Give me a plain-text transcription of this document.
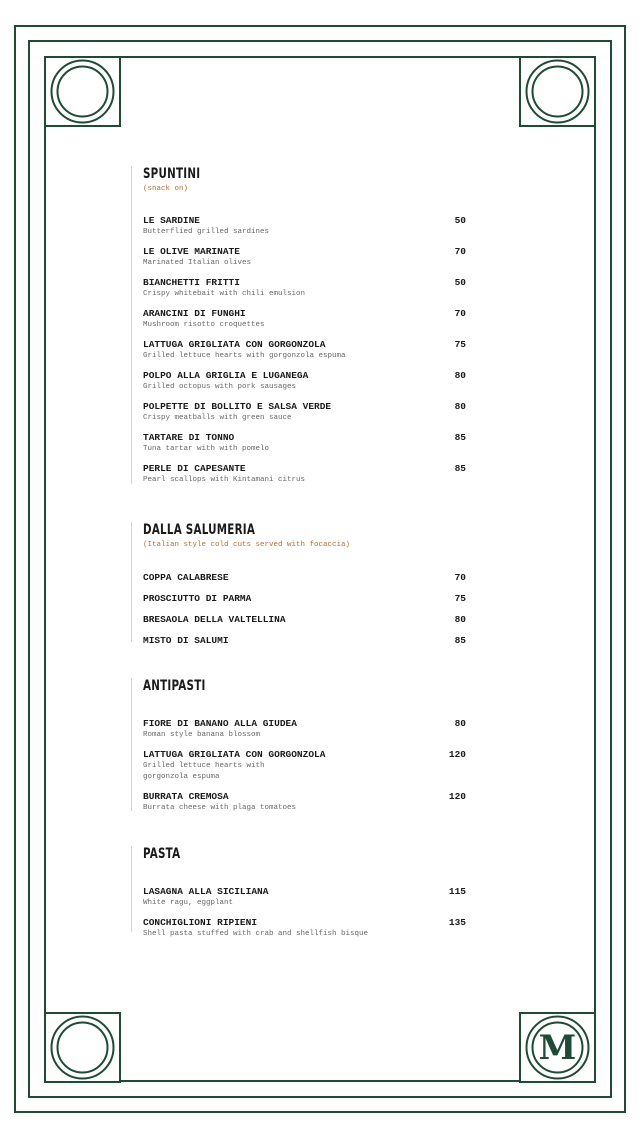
M
SPUNTINI
(snack on)
LE SARDINE
Butterflied grilled sardines
50
LE OLIVE MARINATE
Marinated Italian olives
70
BIANCHETTI FRITTI
Crispy whitebait with chili emulsion
50
ARANCINI DI FUNGHI
Mushroom risotto croquettes
70
LATTUGA GRIGLIATA CON GORGONZOLA
Grilled lettuce hearts with gorgonzola espuma
75
POLPO ALLA GRIGLIA E LUGANEGA
Grilled octopus with pork sausages
80
POLPETTE DI BOLLITO E SALSA VERDE
Crispy meatballs with green sauce
80
TARTARE DI TONNO
Tuna tartar with with pomelo
85
PERLE DI CAPESANTE
Pearl scallops with Kintamani citrus
85
DALLA SALUMERIA
(Italian style cold cuts served with focaccia)
COPPA CALABRESE	70
PROSCIUTTO DI PARMA	75
BRESAOLA DELLA VALTELLINA	80
MISTO DI SALUMI	85
ANTIPASTI
FIORE DI BANANO ALLA GIUDEA
Roman style banana blossom
80
LATTUGA GRIGLIATA CON GORGONZOLA
Grilled lettuce hearts with gorgonzola espuma
120
BURRATA CREMOSA
Burrata cheese with plaga tomatoes
120
PASTA
LASAGNA ALLA SICILIANA
White ragu, eggplant
115
CONCHIGLIONI RIPIENI
Shell pasta stuffed with crab and shellfish bisque
135
